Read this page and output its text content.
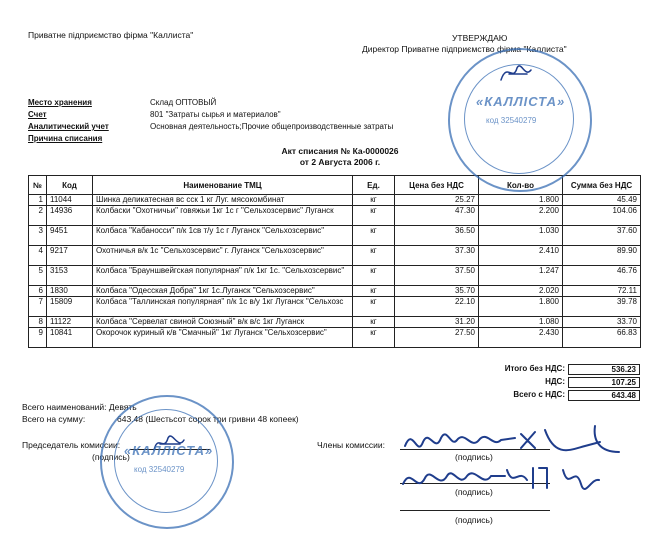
Приватне підприємство фірма "Каллиста"	УТВЕРЖДАЮ
Директор Приватне підприємство фірма "Каллиста"
Место хранения	Склад ОПТОВЫЙ
Счет	801 "Затраты сырья и материалов"
Аналитический учет	Основная деятельность;Прочие общепроизводственные затраты
Причина списания
Акт списания № Ка-0000026
от 2 Августа 2006 г.
№	Код	Наименование ТМЦ	Ед.	Цена без НДС	Кол-во	Сумма без НДС
1	11044	Шинка деликатесная вс сск 1 кг Луг. мясокомбинат	кг	25.27	1.800	45.49
2	14936	Колбаски "Охотничьи" говяжьи 1кг 1с г "Сельхозсервис" Луганск	кг	47.30	2.200	104.06
3	9451	Колбаса "Кабаносси" п/к 1св т/у 1с г Луганск "Сельхозсервис"	кг	36.50	1.030	37.60
4	9217	Охотничья в/к 1с "Сельхозсервис" г. Луганск "Сельхозсервис"	кг	37.30	2.410	89.90
5	3153	Колбаса "Брауншвейгская популярная" п/к 1кг 1с. "Сельхозсервис"	кг	37.50	1.247	46.76
6	1830	Колбаса "Одесская Добра" 1кг 1с.Луганск "Сельхозсервис"	кг	35.70	2.020	72.11
7	15809	Колбаса "Таллинская популярная" п/к 1с в/у 1кг Луганск "Сельхозс	кг	22.10	1.800	39.78
8	11122	Колбаса "Сервелат свиной Союзный" в/к в/с 1кг Луганск	кг	31.20	1.080	33.70
9	10841	Окорочок куриный к/в "Смачный" 1кг Луганск "Сельхозсервис"	кг	27.50	2.430	66.83
Итого без НДС:	536.23
НДС:	107.25
Всего с НДС:	643.48
Всего наименований: Девять
Всего на сумму:	643.48 (Шестьсот сорок три гривни 48 копеек)
Председатель комиссии:
(подпись)
Члены комиссии:
(подпись)
(подпись)
(подпись)
«КАЛЛІСТА»
код 32540279
«КАЛЛІСТА»
код 32540279
